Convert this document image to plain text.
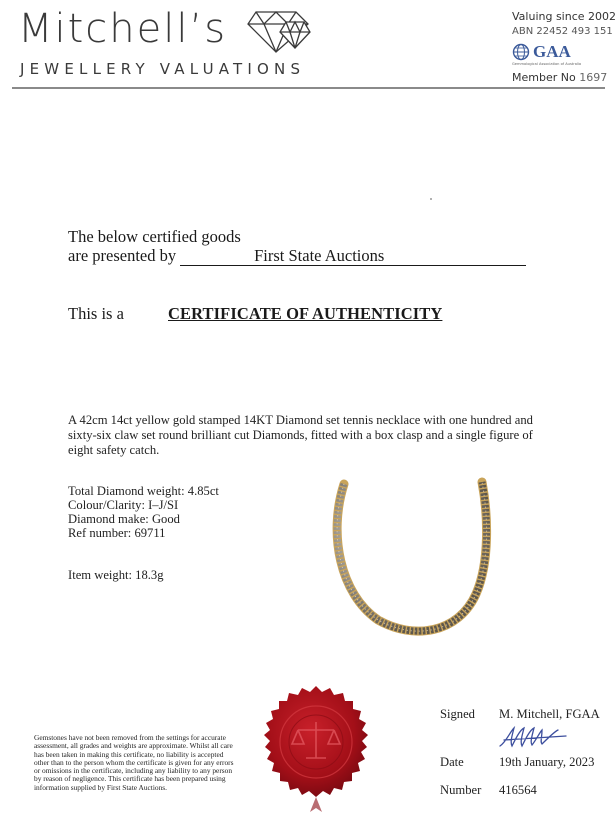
Mitchell’s
JEWELLERY VALUATIONS
Valuing since 2002
ABN 22452 493 151
GAA
Gemmological Association of Australia
Member No 1697
The below certified goods
are presented by	First State Auctions
This is a	CERTIFICATE OF AUTHENTICITY
A 42cm 14ct yellow gold stamped 14KT Diamond set tennis necklace with one hundred and sixty-six claw set round brilliant cut Diamonds, fitted with a box clasp and a single figure of eight safety catch.
Total Diamond weight: 4.85ct
Colour/Clarity: I–J/SI
Diamond make: Good
Ref number: 69711
Item weight: 18.3g
Gemstones have not been removed from the settings for accurate assessment, all grades and weights are approximate. Whilst all care has been taken in making this certificate, no liability is accepted other than to the person whom the certificate is given for any errors or omissions in the certificate, including any liability to any person by reason of negligence. This certificate has been prepared using information supplied by First State Auctions.
Signed M. Mitchell, FGAA
Date	19th January, 2023
Number 416564
